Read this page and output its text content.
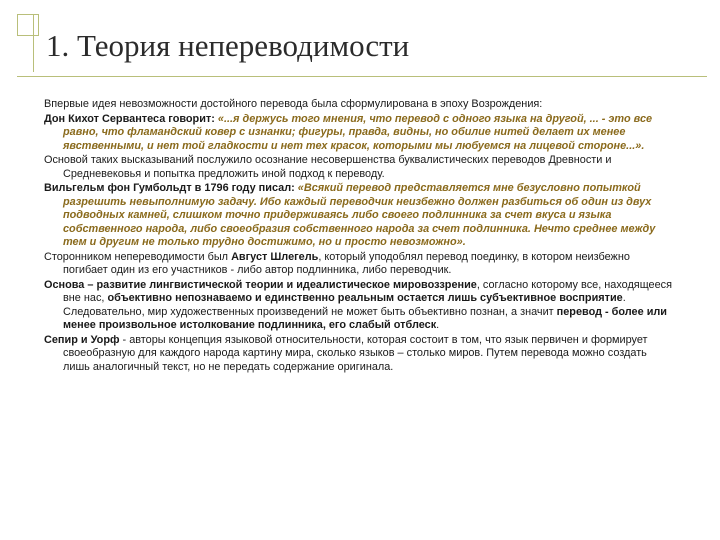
1. Теория непереводимости

Впервые идея невозможности достойного перевода была сформулирована в эпоху Возрождения:

Дон Кихот Сервантеса говорит: «...я держусь того мнения, что перевод с одного языка на другой, ... - это все равно, что фламандский ковер с изнанки; фигуры, правда, видны, но обилие нитей делает их менее явственными, и нет той гладкости и нет тех красок, которыми мы любуемся на лицевой стороне...».

Основой таких высказываний послужило осознание несовершенства буквалистических переводов Древности и Средневековья и попытка предложить иной подход к переводу.

Вильгельм фон Гумбольдт в 1796 году писал: «Всякий перевод представляется мне безусловно попыткой разрешить невыполнимую задачу. Ибо каждый переводчик неизбежно должен разбиться об один из двух подводных камней, слишком точно придерживаясь либо своего подлинника за счет вкуса и языка собственного народа, либо своеобразия собственного народа за счет подлинника. Нечто среднее между тем и другим не только трудно достижимо, но и просто невозможно».

Сторонником непереводимости был Август Шлегель, который уподоблял перевод поединку, в котором неизбежно погибает один из его участников - либо автор подлинника, либо переводчик.

Основа – развитие лингвистической теории и идеалистическое мировоззрение, согласно которому все, находящееся вне нас, объективно непознаваемо и единственно реальным остается лишь субъективное восприятие. Следовательно, мир художественных произведений не может быть объективно познан, а значит перевод - более или менее произвольное истолкование подлинника, его слабый отблеск.

Сепир и Уорф - авторы концепция языковой относительности, которая состоит в том, что язык первичен и формирует своеобразную для каждого народа картину мира, сколько языков – столько миров. Путем перевода можно создать лишь аналогичный текст, но не передать содержание оригинала.
